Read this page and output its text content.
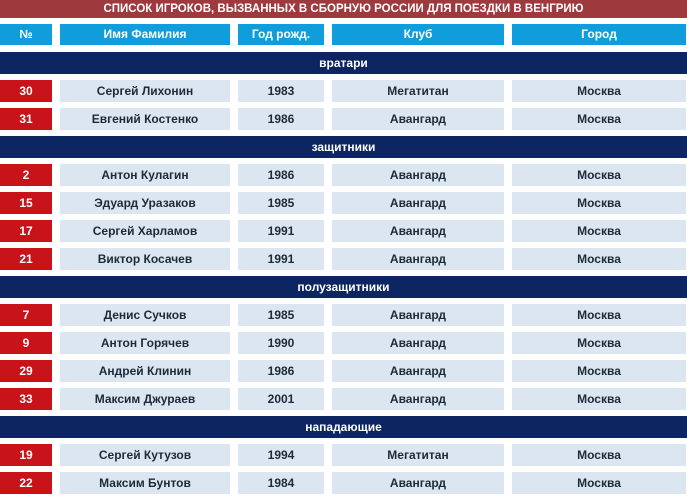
СПИСОК ИГРОКОВ, ВЫЗВАННЫХ В СБОРНУЮ РОССИИ ДЛЯ ПОЕЗДКИ В ВЕНГРИЮ
№	Имя Фамилия	Год рожд.	Клуб	Город
вратари
30	Сергей Лихонин	1983	Мегатитан	Москва
31	Евгений Костенко	1986	Авангард	Москва
защитники
2	Антон Кулагин	1986	Авангард	Москва
15	Эдуард Уразаков	1985	Авангард	Москва
17	Сергей Харламов	1991	Авангард	Москва
21	Виктор Косачев	1991	Авангард	Москва
полузащитники
7	Денис Сучков	1985	Авангард	Москва
9	Антон Горячев	1990	Авангард	Москва
29	Андрей Клинин	1986	Авангард	Москва
33	Максим Джураев	2001	Авангард	Москва
нападающие
19	Сергей Кутузов	1994	Мегатитан	Москва
22	Максим Бунтов	1984	Авангард	Москва
